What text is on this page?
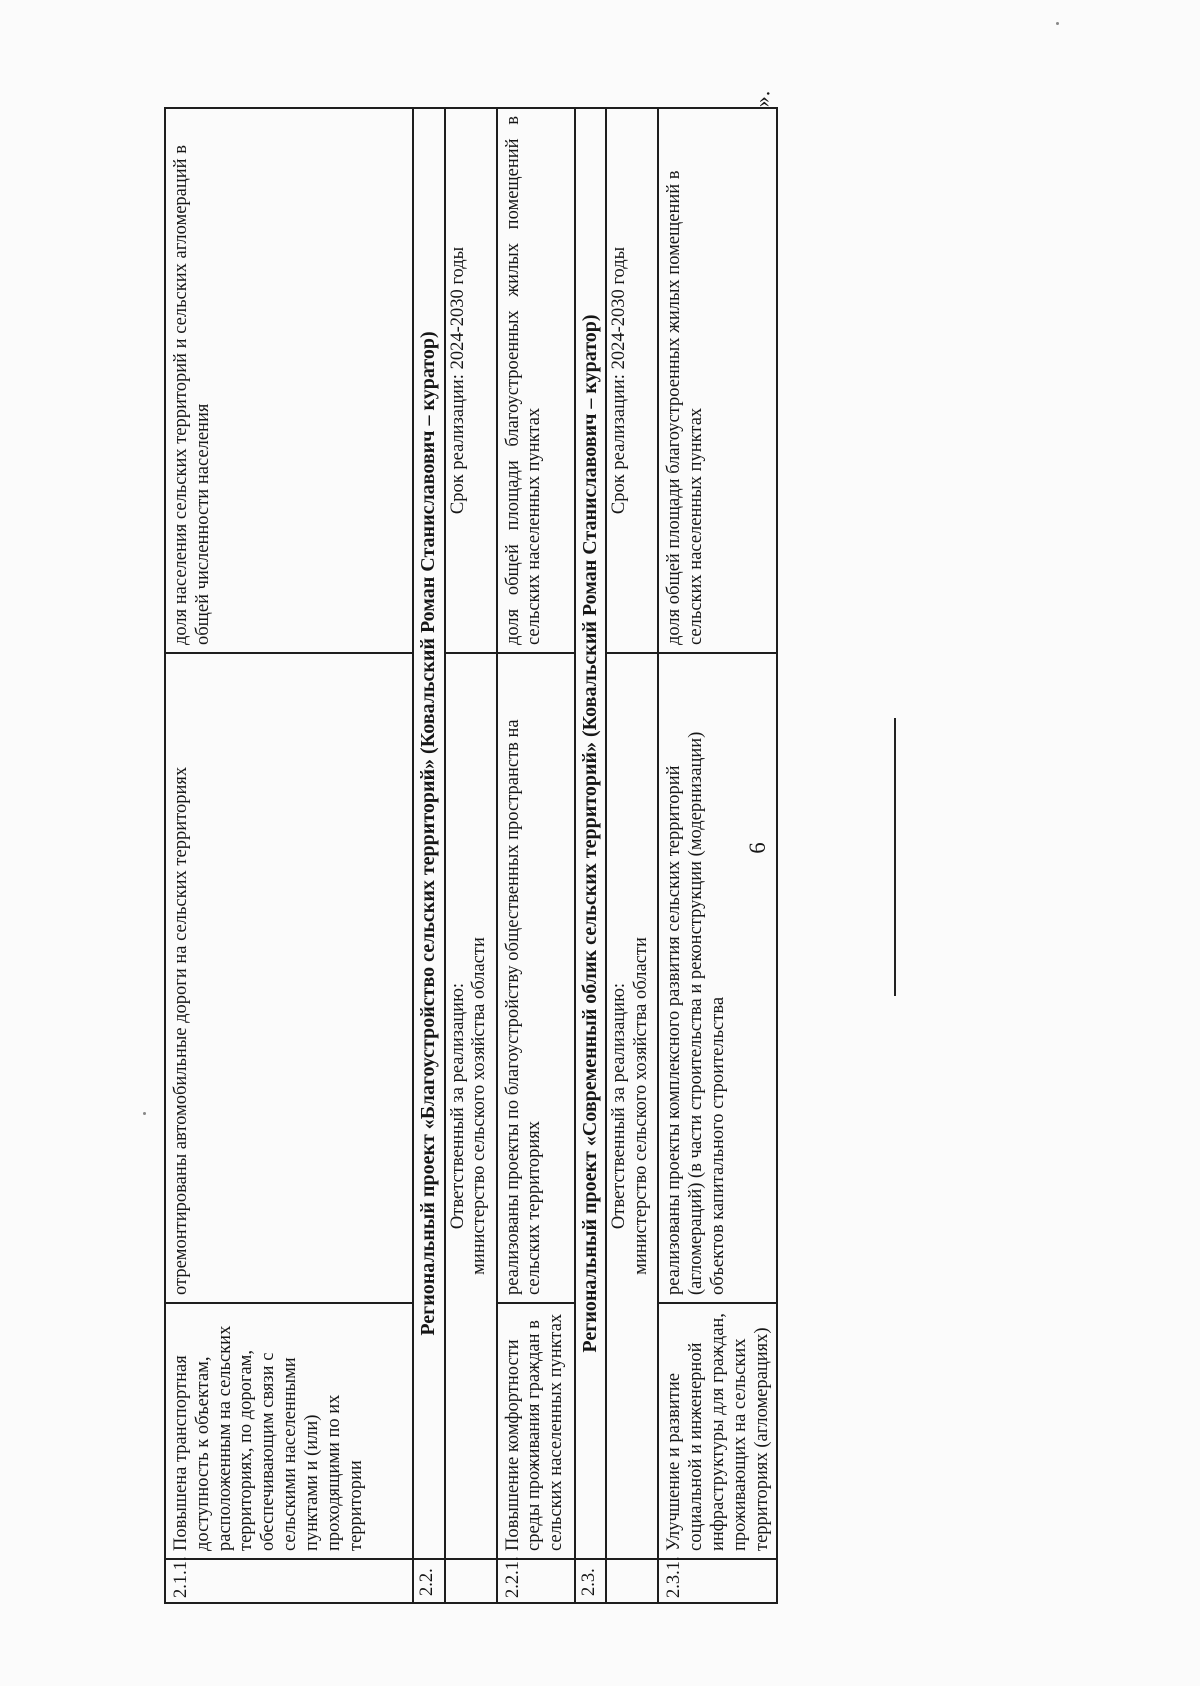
6
».
2.1.1.	Повышена транспортная доступность к объектам, расположенным на сельских территориях, по дорогам, обеспечивающим связи с сельскими населенными пунктами и (или) проходящими по их территории	отремонтированы автомобильные дороги на сельских территориях	доля населения сельских территорий и сельских агломераций в общей численности населения
2.2.	Региональный проект «Благоустройство сельских территорий» (Ковальский Роман Станиславович – куратор)		

	Ответственный за реализацию: министерство сельского хозяйства области		Срок реализации: 2024-2030 годы
2.2.1.	Повышение комфортности среды проживания граждан в сельских населенных пунктах	реализованы проекты по благоустройству общественных пространств на сельских территориях	доля общей площади благоустроенных жилых помещений в сельских населенных пунктах
2.3.	Региональный проект «Современный облик сельских территорий» (Ковальский Роман Станиславович – куратор)		

	Ответственный за реализацию: министерство сельского хозяйства области		Срок реализации: 2024-2030 годы
2.3.1.	Улучшение и развитие социальной и инженерной инфраструктуры для граждан, проживающих на сельских территориях (агломерациях)	реализованы проекты комплексного развития сельских территорий (агломераций) (в части строительства и реконструкции (модернизации) объектов капитального строительства	доля общей площади благоустроенных жилых помещений в сельских населенных пунктах
